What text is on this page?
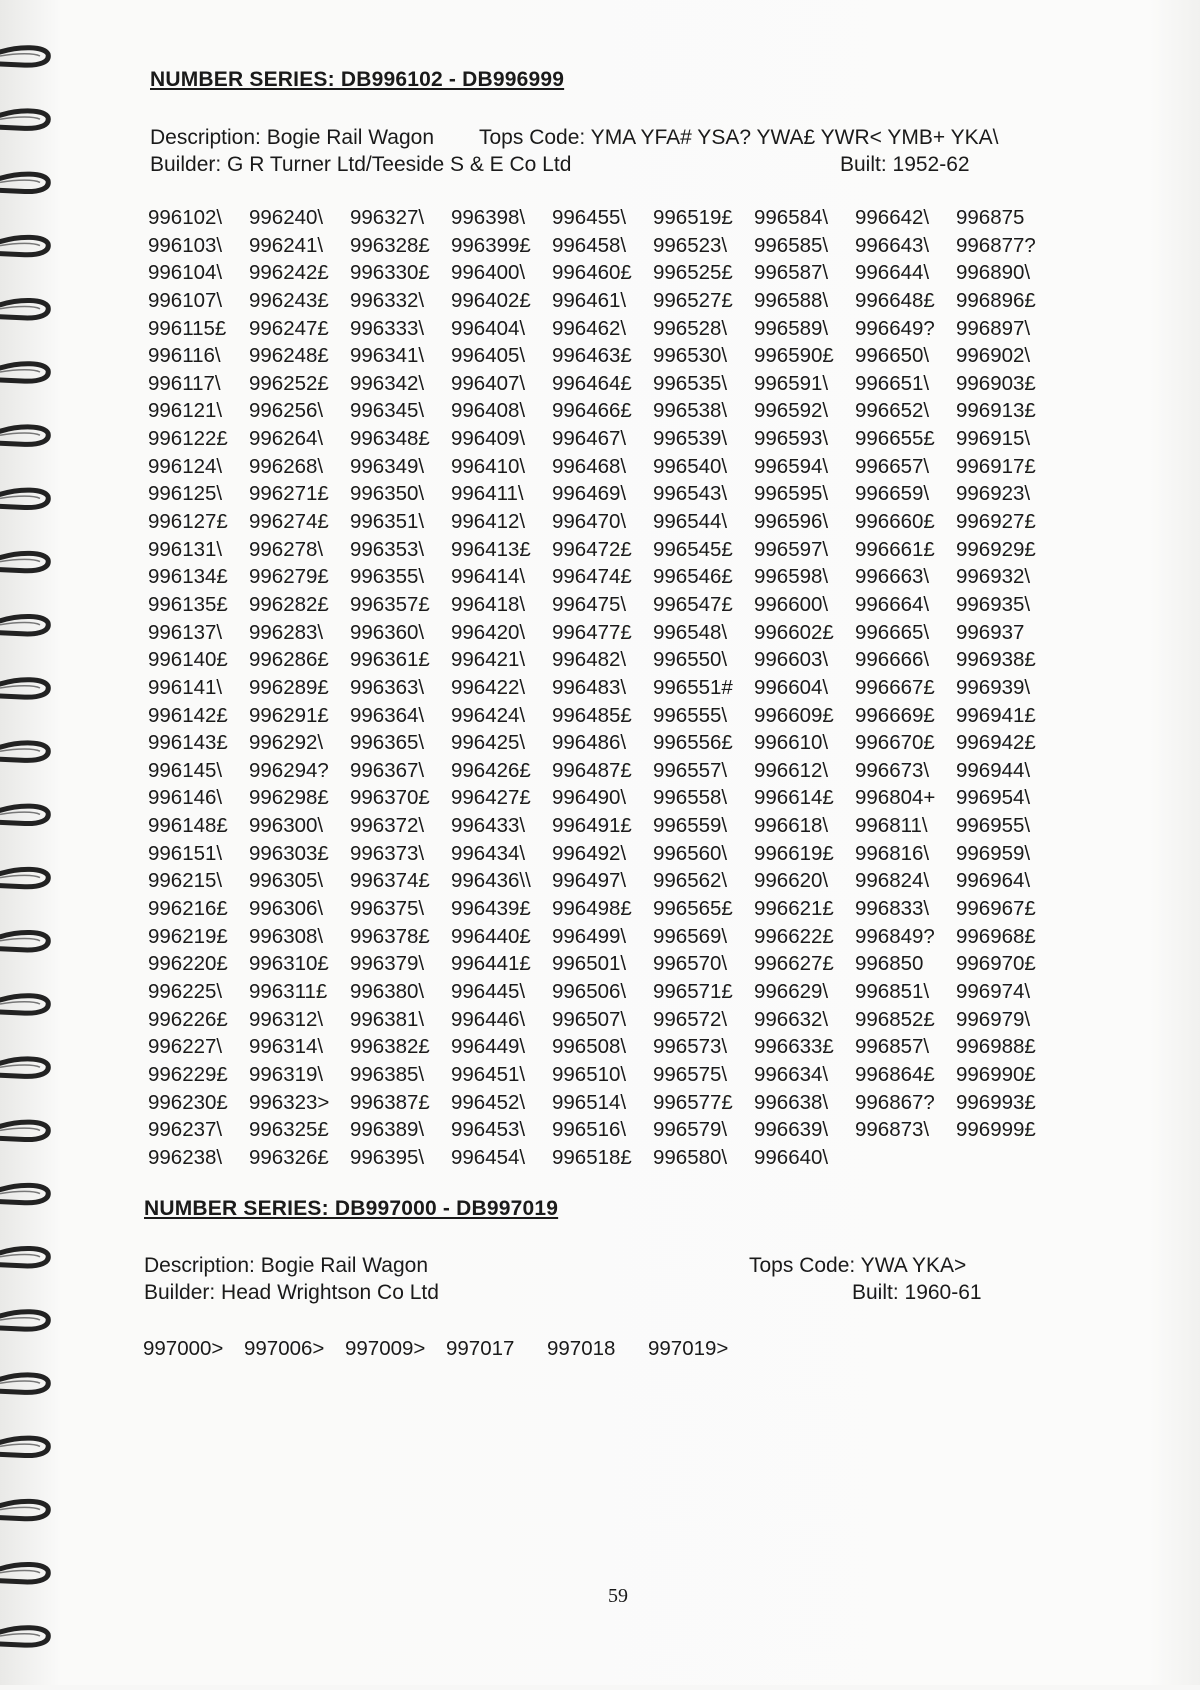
NUMBER SERIES: DB996102 - DB996999
Description: Bogie Rail Wagon Tops Code: YMA YFA# YSA? YWA£ YWR< YMB+ YKA\
Builder: G R Turner Ltd/Teeside S & E Co Ltd	Built: 1952-62
996102\	996240\	996327\	996398\	996455\	996519£	996584\	996642\	996875
996103\	996241\	996328£	996399£	996458\	996523\	996585\	996643\	996877?
996104\	996242£	996330£	996400\	996460£	996525£	996587\	996644\	996890\
996107\	996243£	996332\	996402£	996461\	996527£	996588\	996648£	996896£
996115£	996247£	996333\	996404\	996462\	996528\	996589\	996649?	996897\
996116\	996248£	996341\	996405\	996463£	996530\	996590£	996650\	996902\
996117\	996252£	996342\	996407\	996464£	996535\	996591\	996651\	996903£
996121\	996256\	996345\	996408\	996466£	996538\	996592\	996652\	996913£
996122£	996264\	996348£	996409\	996467\	996539\	996593\	996655£	996915\
996124\	996268\	996349\	996410\	996468\	996540\	996594\	996657\	996917£
996125\	996271£	996350\	996411\	996469\	996543\	996595\	996659\	996923\
996127£	996274£	996351\	996412\	996470\	996544\	996596\	996660£	996927£
996131\	996278\	996353\	996413£	996472£	996545£	996597\	996661£	996929£
996134£	996279£	996355\	996414\	996474£	996546£	996598\	996663\	996932\
996135£	996282£	996357£	996418\	996475\	996547£	996600\	996664\	996935\
996137\	996283\	996360\	996420\	996477£	996548\	996602£	996665\	996937
996140£	996286£	996361£	996421\	996482\	996550\	996603\	996666\	996938£
996141\	996289£	996363\	996422\	996483\	996551#	996604\	996667£	996939\
996142£	996291£	996364\	996424\	996485£	996555\	996609£	996669£	996941£
996143£	996292\	996365\	996425\	996486\	996556£	996610\	996670£	996942£
996145\	996294?	996367\	996426£	996487£	996557\	996612\	996673\	996944\
996146\	996298£	996370£	996427£	996490\	996558\	996614£	996804+	996954\
996148£	996300\	996372\	996433\	996491£	996559\	996618\	996811\	996955\
996151\	996303£	996373\	996434\	996492\	996560\	996619£	996816\	996959\
996215\	996305\	996374£	996436\\	996497\	996562\	996620\	996824\	996964\
996216£	996306\	996375\	996439£	996498£	996565£	996621£	996833\	996967£
996219£	996308\	996378£	996440£	996499\	996569\	996622£	996849?	996968£
996220£	996310£	996379\	996441£	996501\	996570\	996627£	996850	996970£
996225\	996311£	996380\	996445\	996506\	996571£	996629\	996851\	996974\
996226£	996312\	996381\	996446\	996507\	996572\	996632\	996852£	996979\
996227\	996314\	996382£	996449\	996508\	996573\	996633£	996857\	996988£
996229£	996319\	996385\	996451\	996510\	996575\	996634\	996864£	996990£
996230£	996323>	996387£	996452\	996514\	996577£	996638\	996867?	996993£
996237\	996325£	996389\	996453\	996516\	996579\	996639\	996873\	996999£
996238\	996326£	996395\	996454\	996518£	996580\	996640\
NUMBER SERIES: DB997000 - DB997019
Description: Bogie Rail Wagon	Tops Code: YWA YKA>
Builder: Head Wrightson Co Ltd	Built: 1960-61
997000> 997006> 997009> 997017 997018 997019>
59
